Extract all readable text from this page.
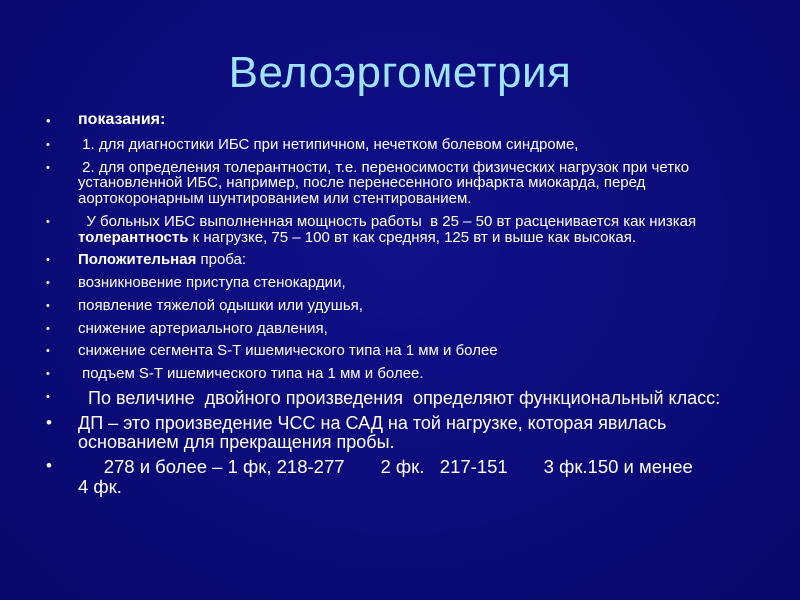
Велоэргометрия
• показания:
• 1. для диагностики ИБС при нетипичном, нечетком болевом синдроме,
• 2. для определения толерантности, т.е. переносимости физических нагрузок при четко установленной ИБС, например, после перенесенного инфаркта миокарда, перед аортокоронарным шунтированием или стентированием.
• У больных ИБС выполненная мощность работы  в 25 – 50 вт расценивается как низкая толерантность к нагрузке, 75 – 100 вт как средняя, 125 вт и выше как высокая.
• Положительная проба:
• возникновение приступа стенокардии,
• появление тяжелой одышки или удушья,
• снижение артериального давления,
• снижение сегмента S-T ишемического типа на 1 мм и более
• подъем S-T ишемического типа на 1 мм и более.
• По величине  двойного произведения  определяют функциональный класс:
• ДП – это произведение ЧСС на САД на той нагрузке, которая явилась основанием для прекращения пробы.
• 278 и более – 1 фк, 218-277       2 фк.   217-151       3 фк.150 и менее
4 фк.
